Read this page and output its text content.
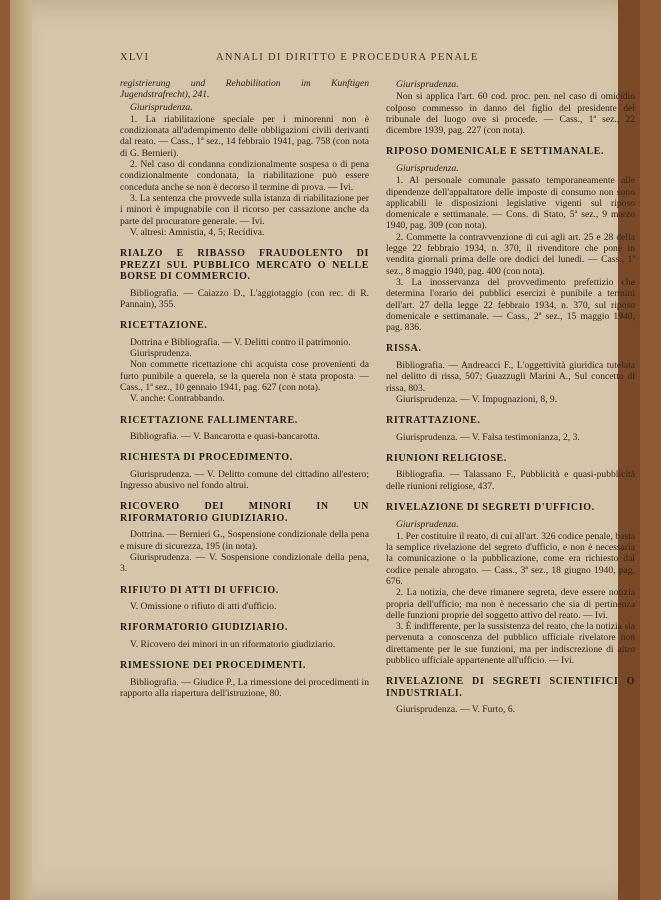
XLVI	ANNALI DI DIRITTO E PROCEDURA PENALE

registrierung und Rehabilitation im Kunftigen Jugendstrafrecht), 241.

Giurisprudenza.

1. La riabilitazione speciale per i minorenni non è condizionata all'adempimento delle obbligazioni civili derivanti dal reato. — Cass., 1ª sez., 14 febbraio 1941, pag. 758 (con nota di G. Bernieri).

2. Nel caso di condanna condizionalmente sospesa o di pena condizionalmente condonata, la riabilitazione può essere conceduta anche se non è decorso il termine di prova. — Ivi.

3. La sentenza che provvede sulla istanza di riabilitazione per i minori è impugnabile con il ricorso per cassazione anche da parte del procuratore generale. — Ivi.

V. altresì: Amnistia, 4, 5; Recidiva.

RIALZO E RIBASSO FRAUDOLENTO DI PREZZI SUL PUBBLICO MERCATO O NELLE BORSE DI COMMERCIO.

Bibliografia. — Caiazzo D., L'aggiotaggio (con rec. di R. Pannain), 355.

RICETTAZIONE.

Dottrina e Bibliografia. — V. Delitti contro il patrimonio.

Giurisprudenza.

Non commette ricettazione chi acquista cose provenienti da furto punibile a querela, se la querela non è stata proposta. — Cass., 1ª sez., 10 gennaio 1941, pag. 627 (con nota).

V. anche: Contrabbando.

RICETTAZIONE FALLIMENTARE.

Bibliografia. — V. Bancarotta e quasi-bancarotta.

RICHIESTA DI PROCEDIMENTO.

Giurisprudenza. — V. Delitto comune del cittadino all'estero; Ingresso abusivo nel fondo altrui.

RICOVERO DEI MINORI IN UN RIFORMATORIO GIUDIZIARIO.

Dottrina. — Bernieri G., Sospensione condizionale della pena e misure di sicurezza, 195 (in nota).

Giurisprudenza. — V. Sospensione condizionale della pena, 3.

RIFIUTO DI ATTI DI UFFICIO.

V. Omissione o rifiuto di atti d'ufficio.

RIFORMATORIO GIUDIZIARIO.

V. Ricovero dei minori in un riformatorio giudiziario.

RIMESSIONE DEI PROCEDIMENTI.

Bibliografia. — Giudice P., La rimessione dei procedimenti in rapporto alla riapertura dell'istruzione, 80.

Giurisprudenza.

Non si applica l'art. 60 cod. proc. pen. nel caso di omicidio colposo commesso in danno del figlio del presidente del tribunale del luogo ove si procede. — Cass., 1ª sez., 22 dicembre 1939, pag. 227 (con nota).

RIPOSO DOMENICALE E SETTIMANALE.

Giurisprudenza.

1. Al personale comunale passato temporaneamente alle dipendenze dell'appaltatore delle imposte di consumo non sono applicabili le disposizioni legislative vigenti sul riposo domenicale e settimanale. — Cons. di Stato, 5ª sez., 9 marzo 1940, pag. 309 (con nota).

2. Commette la contravvenzione di cui agli art. 25 e 28 della legge 22 febbraio 1934, n. 370, il rivenditore che pone in vendita giornali prima delle ore dodici del lunedì. — Cass., 1ª sez., 8 maggio 1940, pag. 400 (con nota).

3. La inosservanza del provvedimento prefettizio che determina l'orario dei pubblici esercizi è punibile a termini dell'art. 27 della legge 22 febbraio 1934, n. 370, sul riposo domenicale e settimanale. — Cass., 2ª sez., 15 maggio 1940, pag. 836.

RISSA.

Bibliografia. — Andreacci F., L'oggettività giuridica tutelata nel delitto di rissa, 507; Guazzugli Marini A., Sul concetto di rissa, 803.

Giurisprudenza. — V. Impugnazioni, 8, 9.

RITRATTAZIONE.

Giurisprudenza. — V. Falsa testimonianza, 2, 3.

RIUNIONI RELIGIOSE.

Bibliografia. — Talassano F., Pubblicità e quasi-pubblicità delle riunioni religiose, 437.

RIVELAZIONE DI SEGRETI D'UFFICIO.

Giurisprudenza.

1. Per costituire il reato, di cui all'art. 326 codice penale, basta la semplice rivelazione del segreto d'ufficio, e non è necessaria la comunicazione o la pubblicazione, come era richiesto dal codice penale abrogato. — Cass., 3ª sez., 18 giugno 1940, pag. 676.

2. La notizia, che deve rimanere segreta, deve essere notizia propria dell'ufficio; ma non è necessario che sia di pertinenza delle funzioni proprie del soggetto attivo del reato. — Ivi.

3. È indifferente, per la sussistenza del reato, che la notizia sia pervenuta a conoscenza del pubblico ufficiale rivelatore non direttamente per le sue funzioni, ma per indiscrezione di altro pubblico ufficiale appartenente all'ufficio. — Ivi.

RIVELAZIONE DI SEGRETI SCIENTIFICI O INDUSTRIALI.

Giurisprudenza. — V. Furto, 6.
